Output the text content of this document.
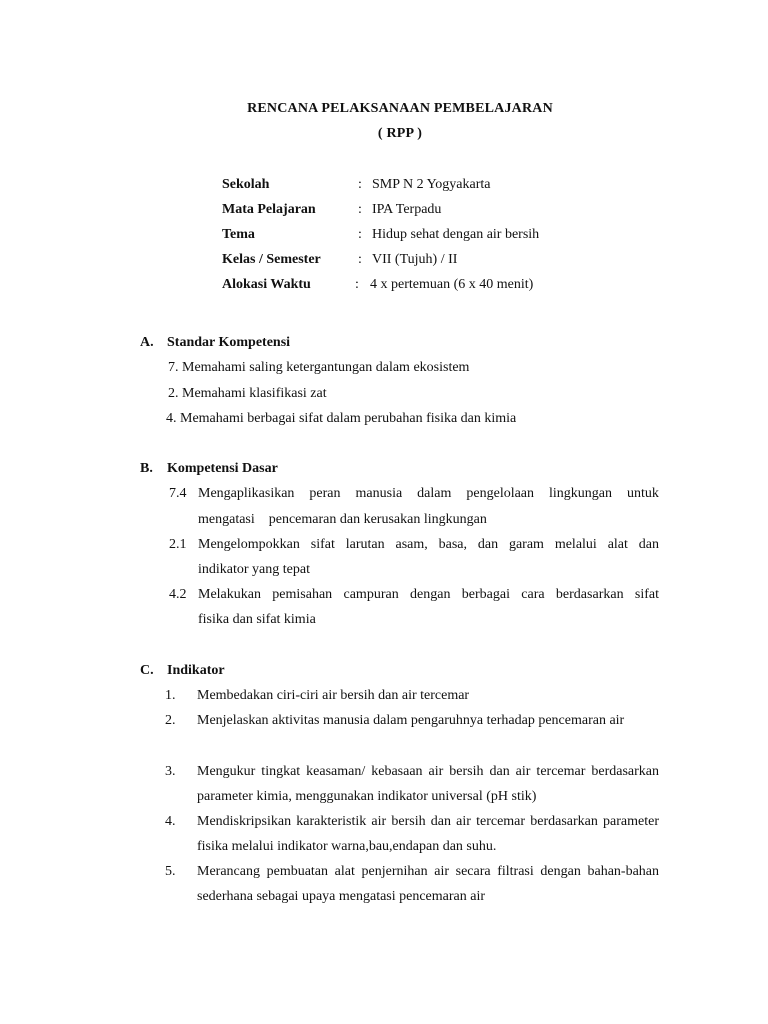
RENCANA PELAKSANAAN PEMBELAJARAN
( RPP )
Sekolah	: SMP N 2 Yogyakarta
Mata Pelajaran	: IPA Terpadu
Tema	: Hidup sehat dengan air bersih
Kelas / Semester	: VII (Tujuh) / II
Alokasi Waktu	: 4 x pertemuan (6 x 40 menit)
A. Standar Kompetensi
7. Memahami saling ketergantungan dalam ekosistem
2. Memahami klasifikasi zat
4. Memahami berbagai sifat dalam perubahan fisika dan kimia
B. Kompetensi Dasar
7.4 Mengaplikasikan peran manusia dalam pengelolaan lingkungan untuk
mengatasi    pencemaran dan kerusakan lingkungan
2.1 Mengelompokkan sifat larutan asam, basa, dan garam melalui alat dan
indikator yang tepat
4.2 Melakukan pemisahan campuran dengan berbagai cara berdasarkan sifat
fisika dan sifat kimia
C. Indikator
1. Membedakan ciri-ciri air bersih dan air tercemar
2. Menjelaskan aktivitas manusia dalam pengaruhnya terhadap pencemaran air
3. Mengukur tingkat keasaman/ kebasaan air bersih dan air tercemar berdasarkan parameter kimia, menggunakan indikator universal (pH stik)
4. Mendiskripsikan karakteristik air bersih dan air tercemar berdasarkan parameter fisika melalui indikator warna,bau,endapan dan suhu.
5. Merancang pembuatan alat penjernihan air secara filtrasi dengan bahan-bahan sederhana sebagai upaya mengatasi pencemaran air
